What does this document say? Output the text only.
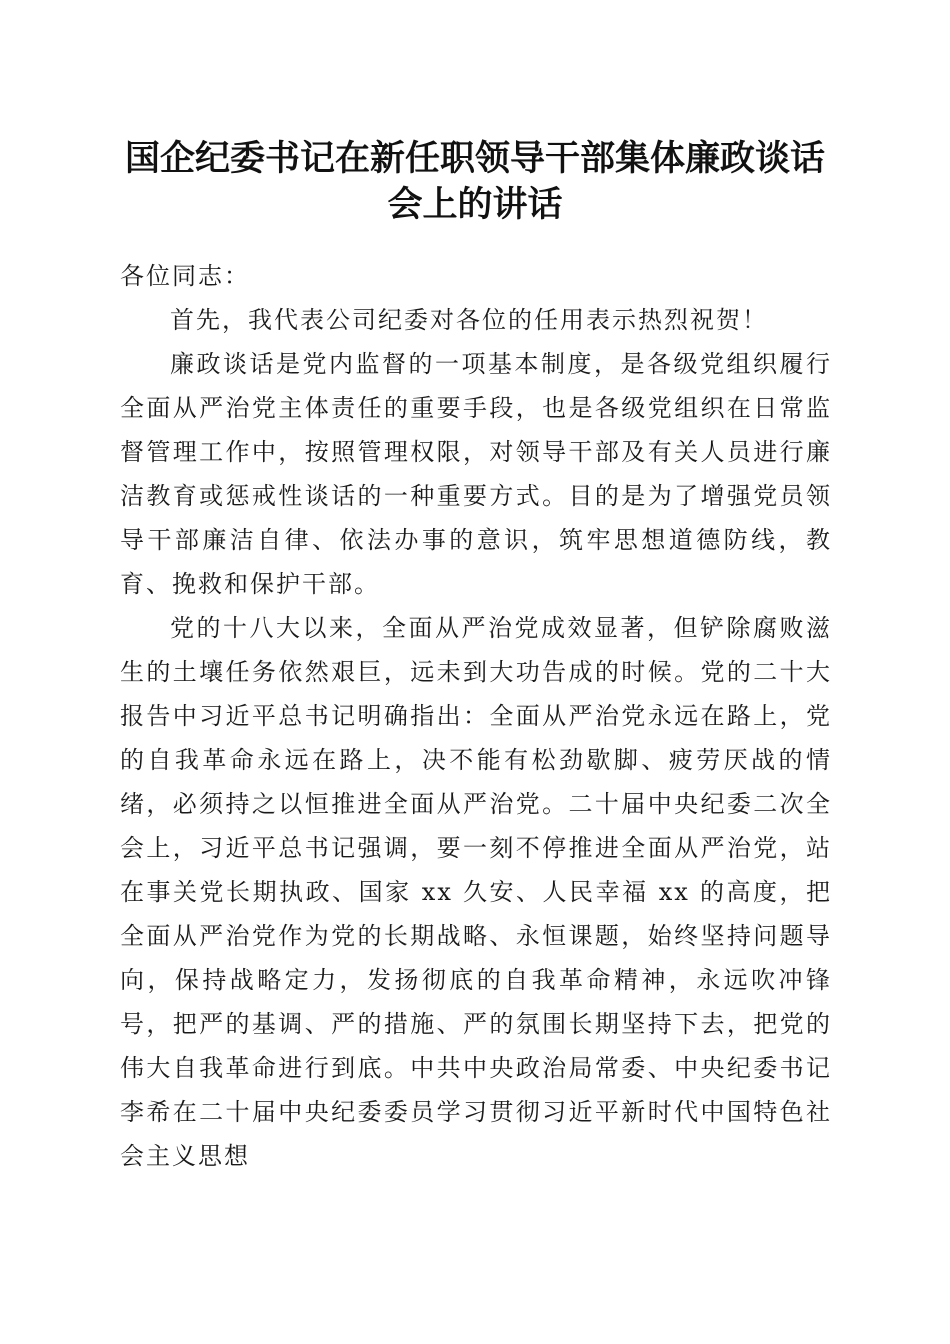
国企纪委书记在新任职领导干部集体廉政谈话
会上的讲话

各位同志：

首先，我代表公司纪委对各位的任用表示热烈祝贺！

廉政谈话是党内监督的一项基本制度，是各级党组织履行全面从严治党主体责任的重要手段，也是各级党组织在日常监督管理工作中，按照管理权限，对领导干部及有关人员进行廉洁教育或惩戒性谈话的一种重要方式。目的是为了增强党员领导干部廉洁自律、依法办事的意识，筑牢思想道德防线，教育、挽救和保护干部。

党的十八大以来，全面从严治党成效显著，但铲除腐败滋生的土壤任务依然艰巨，远未到大功告成的时候。党的二十大报告中习近平总书记明确指出：全面从严治党永远在路上，党的自我革命永远在路上，决不能有松劲歇脚、疲劳厌战的情绪，必须持之以恒推进全面从严治党。二十届中央纪委二次全会上，习近平总书记强调，要一刻不停推进全面从严治党，站在事关党长期执政、国家 xx 久安、人民幸福 xx 的高度，把全面从严治党作为党的长期战略、永恒课题，始终坚持问题导向，保持战略定力，发扬彻底的自我革命精神，永远吹冲锋号，把严的基调、严的措施、严的氛围长期坚持下去，把党的伟大自我革命进行到底。中共中央政治局常委、中央纪委书记李希在二十届中央纪委委员学习贯彻习近平新时代中国特色社会主义思想
